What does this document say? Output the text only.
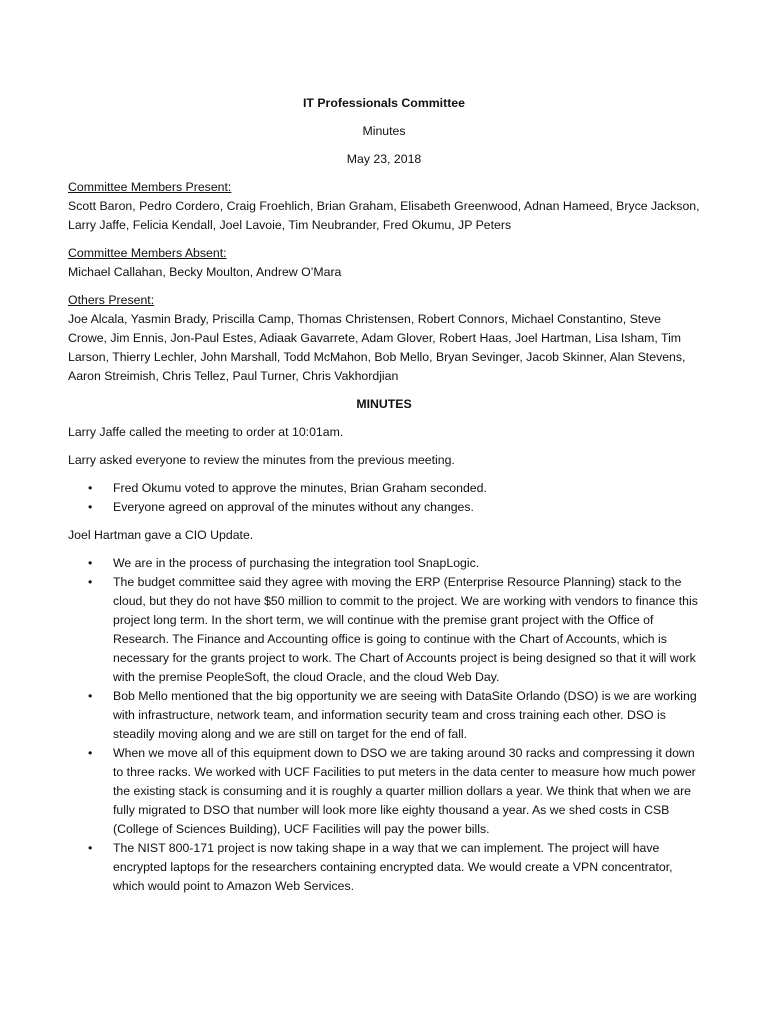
IT Professionals Committee

Minutes

May 23, 2018

Committee Members Present:

Scott Baron, Pedro Cordero, Craig Froehlich, Brian Graham, Elisabeth Greenwood, Adnan Hameed, Bryce Jackson, Larry Jaffe, Felicia Kendall, Joel Lavoie, Tim Neubrander, Fred Okumu, JP Peters

Committee Members Absent:

Michael Callahan, Becky Moulton, Andrew O’Mara

Others Present:

Joe Alcala, Yasmin Brady, Priscilla Camp, Thomas Christensen, Robert Connors, Michael Constantino, Steve Crowe, Jim Ennis, Jon-Paul Estes, Adiaak Gavarrete, Adam Glover, Robert Haas, Joel Hartman, Lisa Isham, Tim Larson, Thierry Lechler, John Marshall, Todd McMahon, Bob Mello, Bryan Sevinger, Jacob Skinner, Alan Stevens, Aaron Streimish, Chris Tellez, Paul Turner, Chris Vakhordjian

MINUTES

Larry Jaffe called the meeting to order at 10:01am.

Larry asked everyone to review the minutes from the previous meeting.

• Fred Okumu voted to approve the minutes, Brian Graham seconded.
• Everyone agreed on approval of the minutes without any changes.

Joel Hartman gave a CIO Update.

• We are in the process of purchasing the integration tool SnapLogic.
• The budget committee said they agree with moving the ERP (Enterprise Resource Planning) stack to the cloud, but they do not have $50 million to commit to the project. We are working with vendors to finance this project long term. In the short term, we will continue with the premise grant project with the Office of Research. The Finance and Accounting office is going to continue with the Chart of Accounts, which is necessary for the grants project to work. The Chart of Accounts project is being designed so that it will work with the premise PeopleSoft, the cloud Oracle, and the cloud Web Day.
• Bob Mello mentioned that the big opportunity we are seeing with DataSite Orlando (DSO) is we are working with infrastructure, network team, and information security team and cross training each other. DSO is steadily moving along and we are still on target for the end of fall.
• When we move all of this equipment down to DSO we are taking around 30 racks and compressing it down to three racks. We worked with UCF Facilities to put meters in the data center to measure how much power the existing stack is consuming and it is roughly a quarter million dollars a year. We think that when we are fully migrated to DSO that number will look more like eighty thousand a year. As we shed costs in CSB (College of Sciences Building), UCF Facilities will pay the power bills.
• The NIST 800-171 project is now taking shape in a way that we can implement. The project will have encrypted laptops for the researchers containing encrypted data. We would create a VPN concentrator, which would point to Amazon Web Services.
